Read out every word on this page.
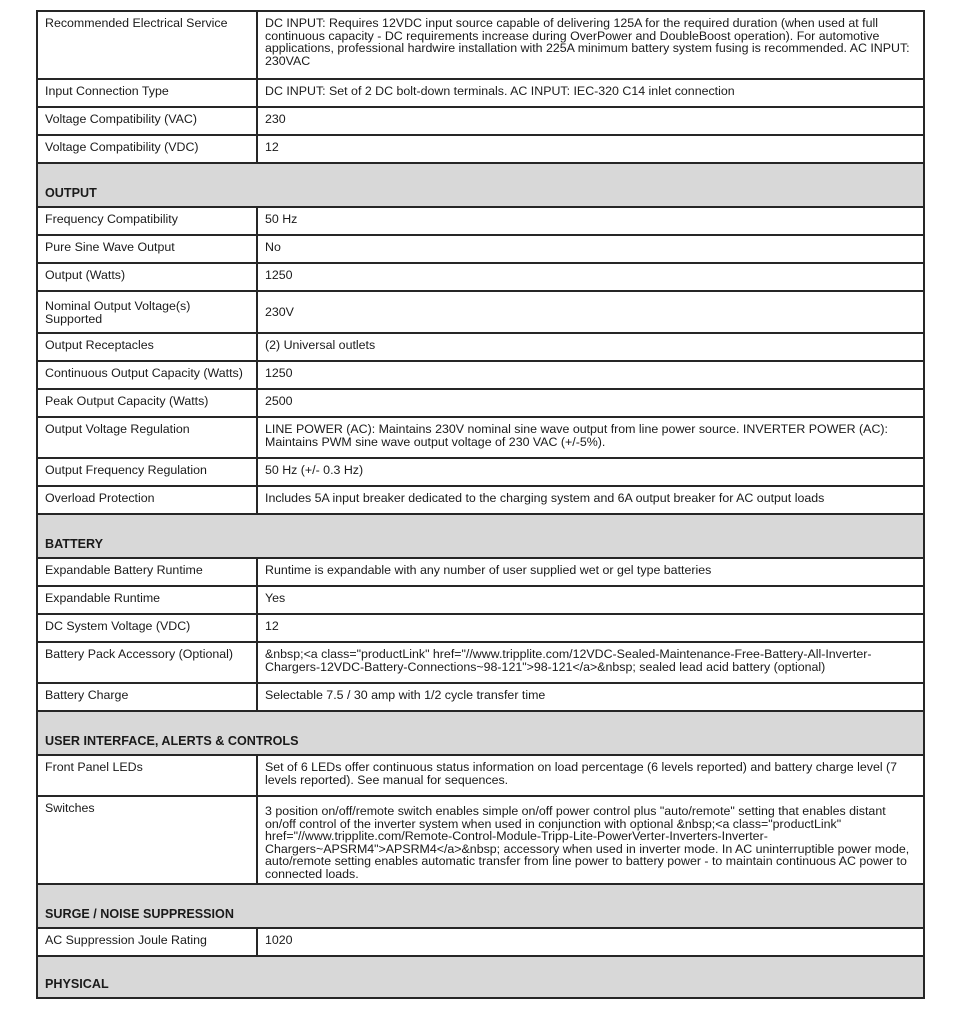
Recommended Electrical Service	DC INPUT: Requires 12VDC input source capable of delivering 125A for the required duration (when used at full continuous capacity - DC requirements increase during OverPower and DoubleBoost operation). For automotive applications, professional hardwire installation with 225A minimum battery system fusing is recommended. AC INPUT: 230VAC
Input Connection Type	DC INPUT: Set of 2 DC bolt-down terminals. AC INPUT: IEC-320 C14 inlet connection
Voltage Compatibility (VAC)	230
Voltage Compatibility (VDC)	12
OUTPUT
Frequency Compatibility	50 Hz
Pure Sine Wave Output	No
Output (Watts)	1250
Nominal Output Voltage(s) Supported	230V
Output Receptacles	(2) Universal outlets
Continuous Output Capacity (Watts)	1250
Peak Output Capacity (Watts)	2500
Output Voltage Regulation	LINE POWER (AC): Maintains 230V nominal sine wave output from line power source. INVERTER POWER (AC): Maintains PWM sine wave output voltage of 230 VAC (+/-5%).
Output Frequency Regulation	50 Hz (+/- 0.3 Hz)
Overload Protection	Includes 5A input breaker dedicated to the charging system and 6A output breaker for AC output loads
BATTERY
Expandable Battery Runtime	Runtime is expandable with any number of user supplied wet or gel type batteries
Expandable Runtime	Yes
DC System Voltage (VDC)	12
Battery Pack Accessory (Optional)	&nbsp;<a class="productLink" href="//www.tripplite.com/12VDC-Sealed-Maintenance-Free-Battery-All-Inverter-Chargers-12VDC-Battery-Connections~98-121">98-121</a>&nbsp; sealed lead acid battery (optional)
Battery Charge	Selectable 7.5 / 30 amp with 1/2 cycle transfer time
USER INTERFACE, ALERTS & CONTROLS
Front Panel LEDs	Set of 6 LEDs offer continuous status information on load percentage (6 levels reported) and battery charge level (7 levels reported). See manual for sequences.
Switches	3 position on/off/remote switch enables simple on/off power control plus "auto/remote" setting that enables distant on/off control of the inverter system when used in conjunction with optional &nbsp;<a class="productLink" href="//www.tripplite.com/Remote-Control-Module-Tripp-Lite-PowerVerter-Inverters-Inverter-Chargers~APSRM4">APSRM4</a>&nbsp; accessory when used in inverter mode. In AC uninterruptible power mode, auto/remote setting enables automatic transfer from line power to battery power - to maintain continuous AC power to connected loads.
SURGE / NOISE SUPPRESSION
AC Suppression Joule Rating	1020
PHYSICAL
